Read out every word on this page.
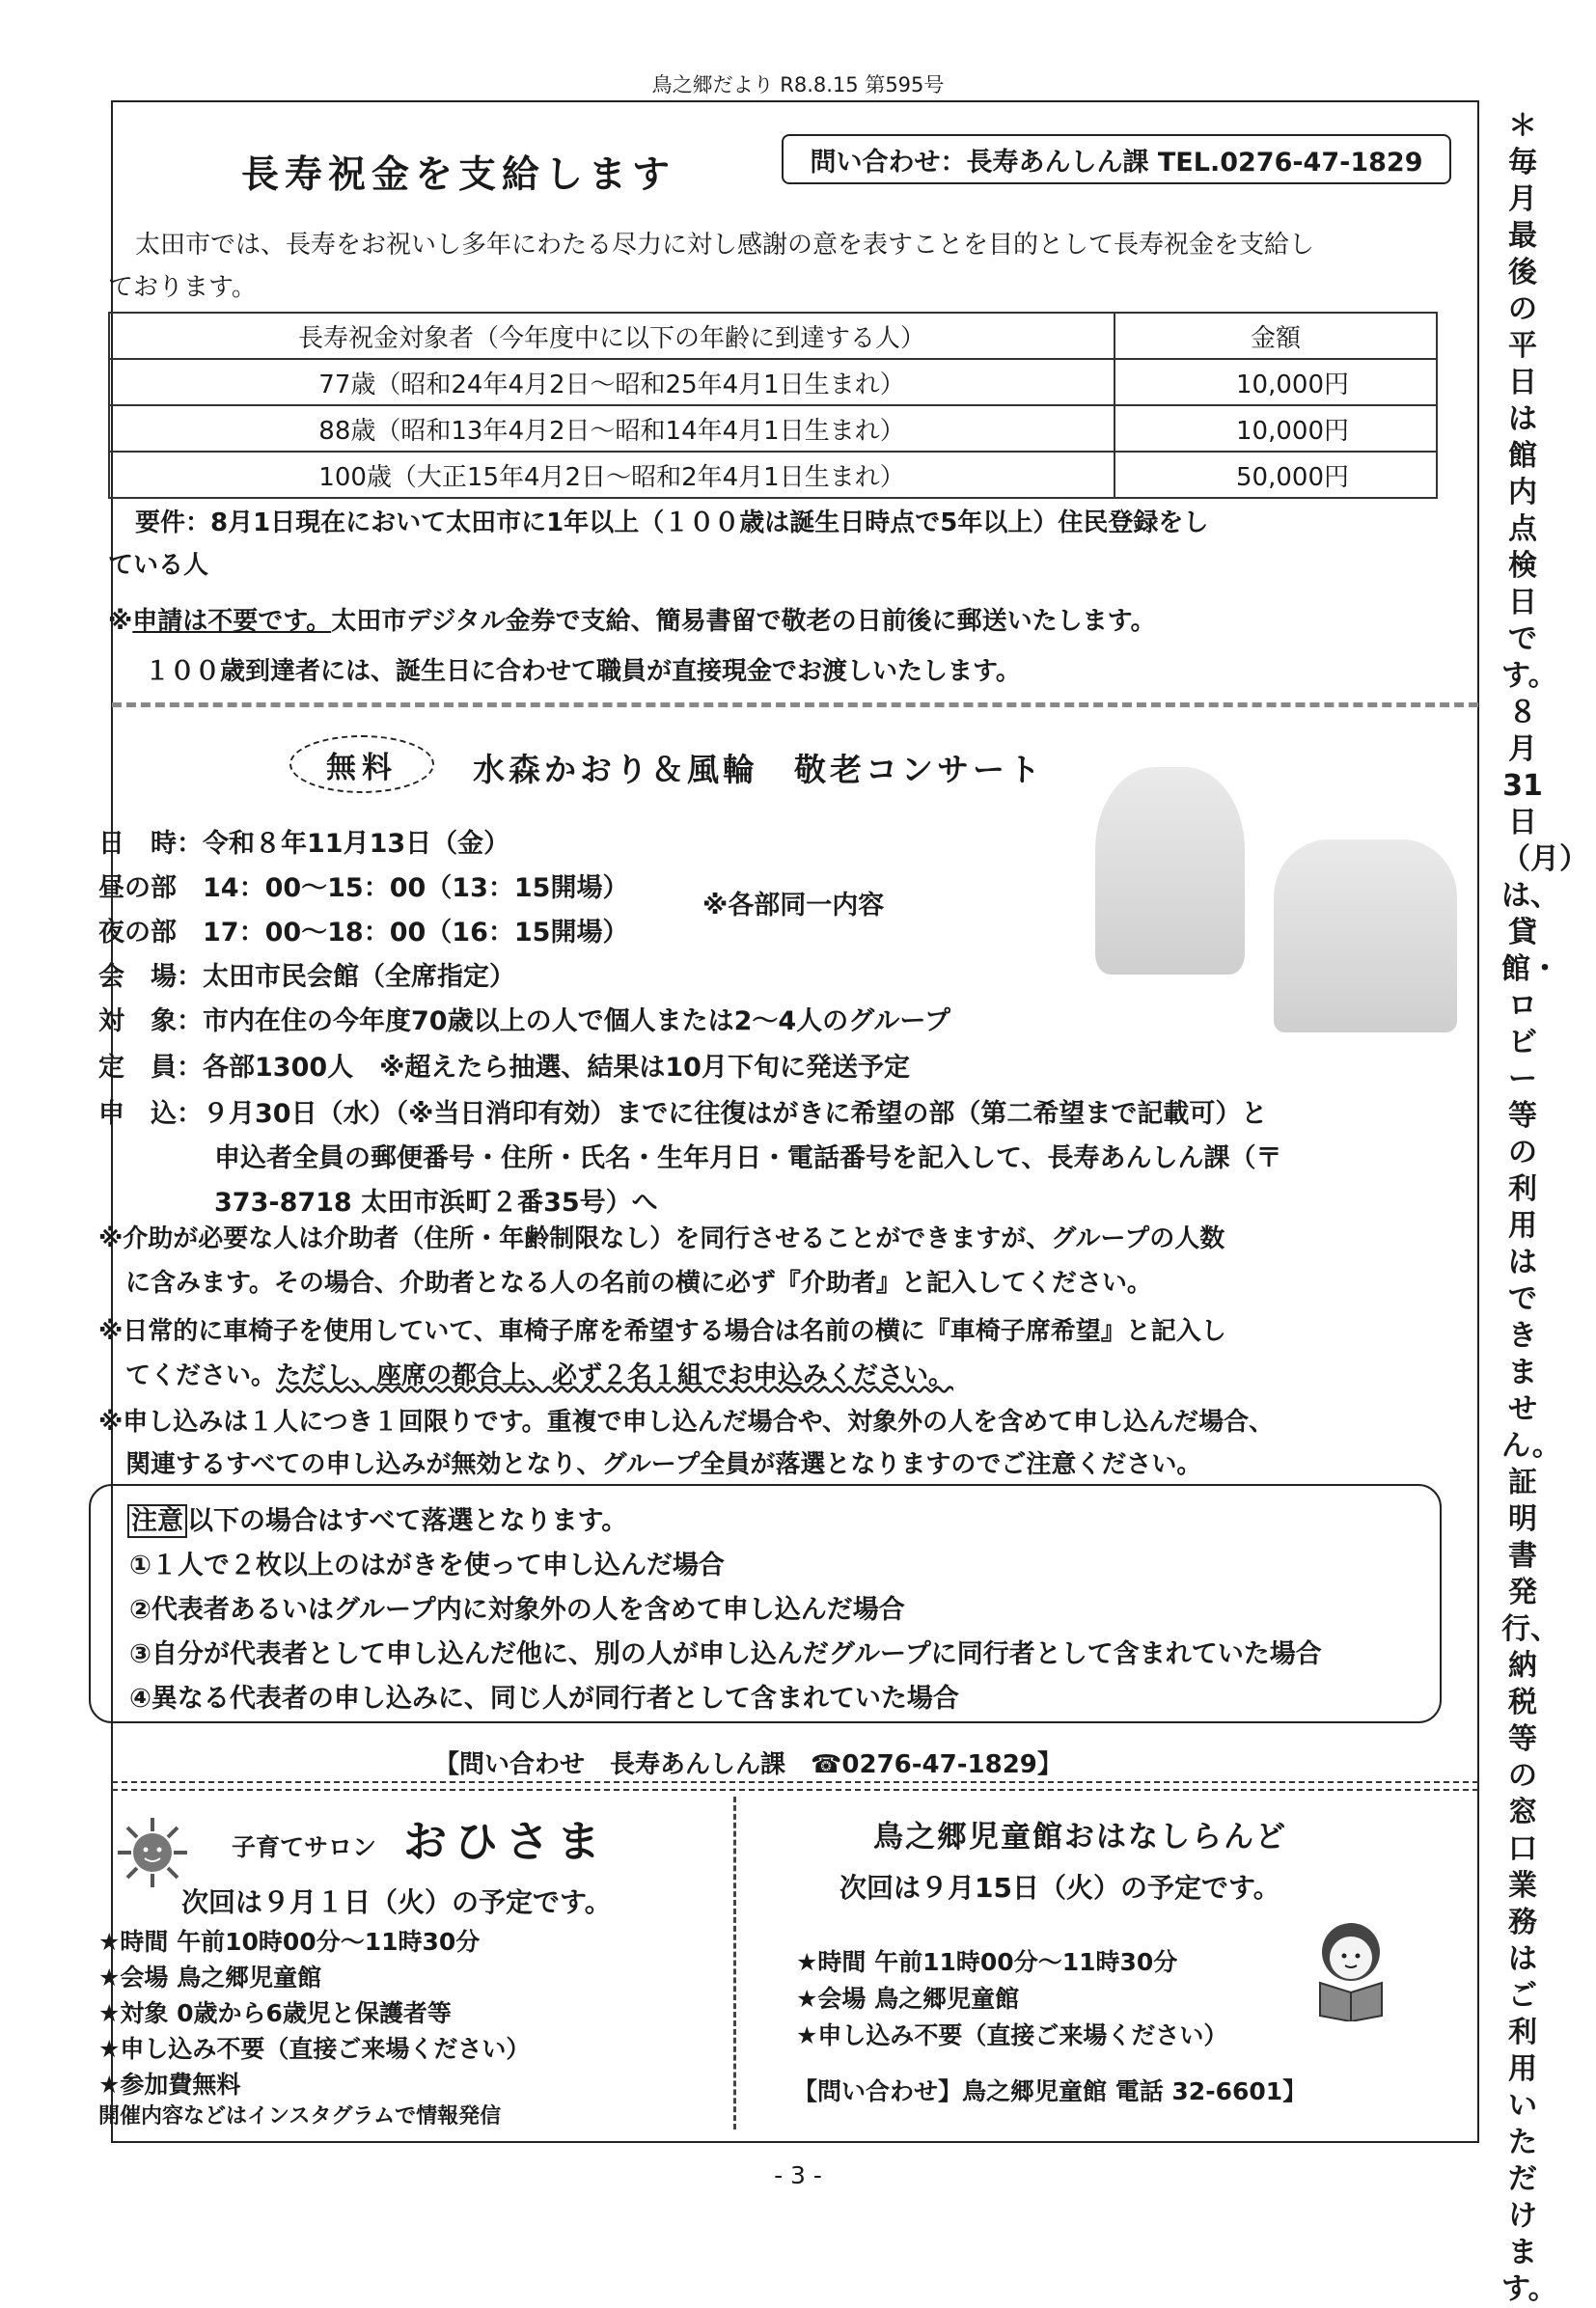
鳥之郷だより R8.8.15 第595号
長寿祝金を支給します	問い合わせ：長寿あんしん課 TEL.0276-47-1829
太田市では、長寿をお祝いし多年にわたる尽力に対し感謝の意を表すことを目的として長寿祝金を支給し
ております。
長寿祝金対象者（今年度中に以下の年齢に到達する人）	金額
77歳（昭和24年4月2日～昭和25年4月1日生まれ）	10,000円
88歳（昭和13年4月2日～昭和14年4月1日生まれ）	10,000円
100歳（大正15年4月2日～昭和2年4月1日生まれ）	50,000円
要件：8月1日現在において太田市に1年以上（１００歳は誕生日時点で5年以上）住民登録をし
ている人
※申請は不要です。太田市デジタル金券で支給、簡易書留で敬老の日前後に郵送いたします。
１００歳到達者には、誕生日に合わせて職員が直接現金でお渡しいたします。
無料	水森かおり＆風輪　敬老コンサート
日　時：令和８年11月13日（金）
昼の部　14：00～15：00（13：15開場）
夜の部　17：00～18：00（16：15開場）
※各部同一内容
会　場：太田市民会館（全席指定）
対　象：市内在住の今年度70歳以上の人で個人または2～4人のグループ
定　員：各部1300人　※超えたら抽選、結果は10月下旬に発送予定
申　込：９月30日（水）（※当日消印有効）までに往復はがきに希望の部（第二希望まで記載可）と
申込者全員の郵便番号・住所・氏名・生年月日・電話番号を記入して、長寿あんしん課（〒
373-8718 太田市浜町２番35号）へ
※介助が必要な人は介助者（住所・年齢制限なし）を同行させることができますが、グループの人数
に含みます。その場合、介助者となる人の名前の横に必ず『介助者』と記入してください。
※日常的に車椅子を使用していて、車椅子席を希望する場合は名前の横に『車椅子席希望』と記入し
てください。ただし、座席の都合上、必ず２名１組でお申込みください。
※申し込みは１人につき１回限りです。重複で申し込んだ場合や、対象外の人を含めて申し込んだ場合、
関連するすべての申し込みが無効となり、グループ全員が落選となりますのでご注意ください。
注意 以下の場合はすべて落選となります。
①１人で２枚以上のはがきを使って申し込んだ場合
②代表者あるいはグループ内に対象外の人を含めて申し込んだ場合
③自分が代表者として申し込んだ他に、別の人が申し込んだグループに同行者として含まれていた場合
④異なる代表者の申し込みに、同じ人が同行者として含まれていた場合
【問い合わせ　長寿あんしん課　☎0276-47-1829】
子育てサロン おひさま
次回は９月１日（火）の予定です。
★時間 午前10時00分～11時30分
★会場 鳥之郷児童館
★対象 0歳から6歳児と保護者等
★申し込み不要（直接ご来場ください）
★参加費無料
開催内容などはインスタグラムで情報発信
鳥之郷児童館おはなしらんど
次回は９月15日（火）の予定です。
★時間 午前11時00分～11時30分
★会場 鳥之郷児童館
★申し込み不要（直接ご来場ください）
【問い合わせ】鳥之郷児童館 電話 32-6601】
＊毎月最後の平日は館内点検日です。８月31日（月）は、貸館・ロビー等の利用はできません。証明書発行、納税等の窓口業務はご利用いただけます。
- 3 -
